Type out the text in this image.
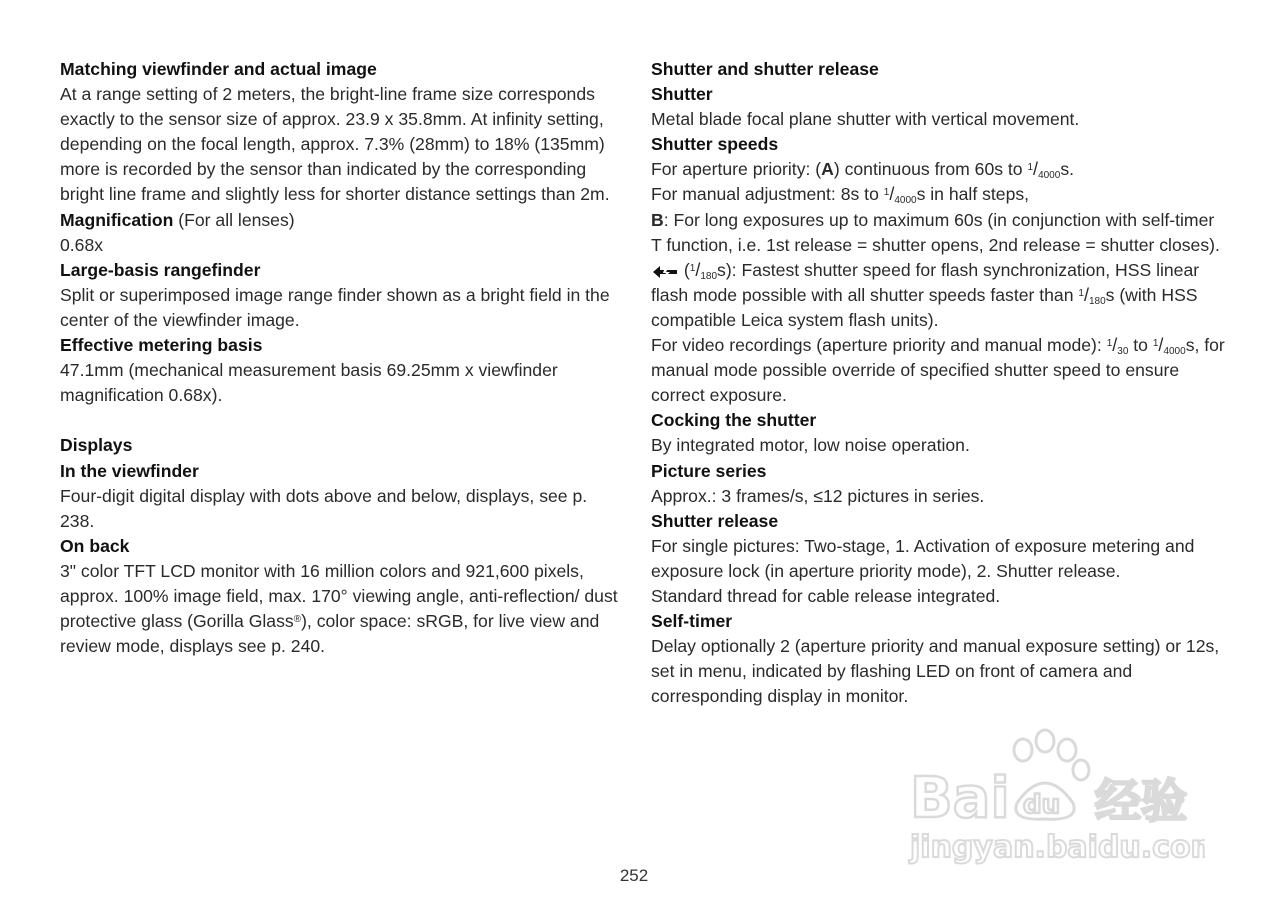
Matching viewfinder and actual image
At a range setting of 2 meters, the bright-line frame size corresponds exactly to the sensor size of approx. 23.9 x 35.8mm. At infinity setting, depending on the focal length, approx. 7.3% (28mm) to 18% (135mm) more is recorded by the sensor than indicated by the corresponding bright line frame and slightly less for shorter distance settings than 2m.
Magnification (For all lenses)
0.68x
Large-basis rangefinder
Split or superimposed image range finder shown as a bright field in the center of the viewfinder image.
Effective metering basis
47.1mm (mechanical measurement basis 69.25mm x viewfinder magnification 0.68x).
Displays
In the viewfinder
Four-digit digital display with dots above and below, displays, see p. 238.
On back
3" color TFT LCD monitor with 16 million colors and 921,600 pixels, approx. 100% image field, max. 170° viewing angle, anti-reflection/ dust protective glass (Gorilla Glass®), color space: sRGB, for live view and review mode, displays see p. 240.
Shutter and shutter release
Shutter
Metal blade focal plane shutter with vertical movement.
Shutter speeds
For aperture priority: (A) continuous from 60s to $^1/_{4000}s$.
For manual adjustment: 8s to $^1/_{4000}s$ in half steps,
B: For long exposures up to maximum 60s (in conjunction with self-timer T function, i.e. 1st release = shutter opens, 2nd release = shutter closes).
$(^1/_{180}s)$: Fastest shutter speed for flash synchronization, HSS linear flash mode possible with all shutter speeds faster than $^1/_{180}s$ (with HSS compatible Leica system flash units).
For video recordings (aperture priority and manual mode): $^1/_{30}$ to $^1/_{4000}s$, for manual mode possible override of specified shutter speed to ensure correct exposure.
Cocking the shutter
By integrated motor, low noise operation.
Picture series
Approx.: 3 frames/s, ≤12 pictures in series.
Shutter release
For single pictures: Two-stage, 1. Activation of exposure metering and exposure lock (in aperture priority mode), 2. Shutter release.
Standard thread for cable release integrated.
Self-timer
Delay optionally 2 (aperture priority and manual exposure setting) or 12s, set in menu, indicated by flashing LED on front of camera and corresponding display in monitor.
Bai du 经验
jingyan.baidu.com
252
